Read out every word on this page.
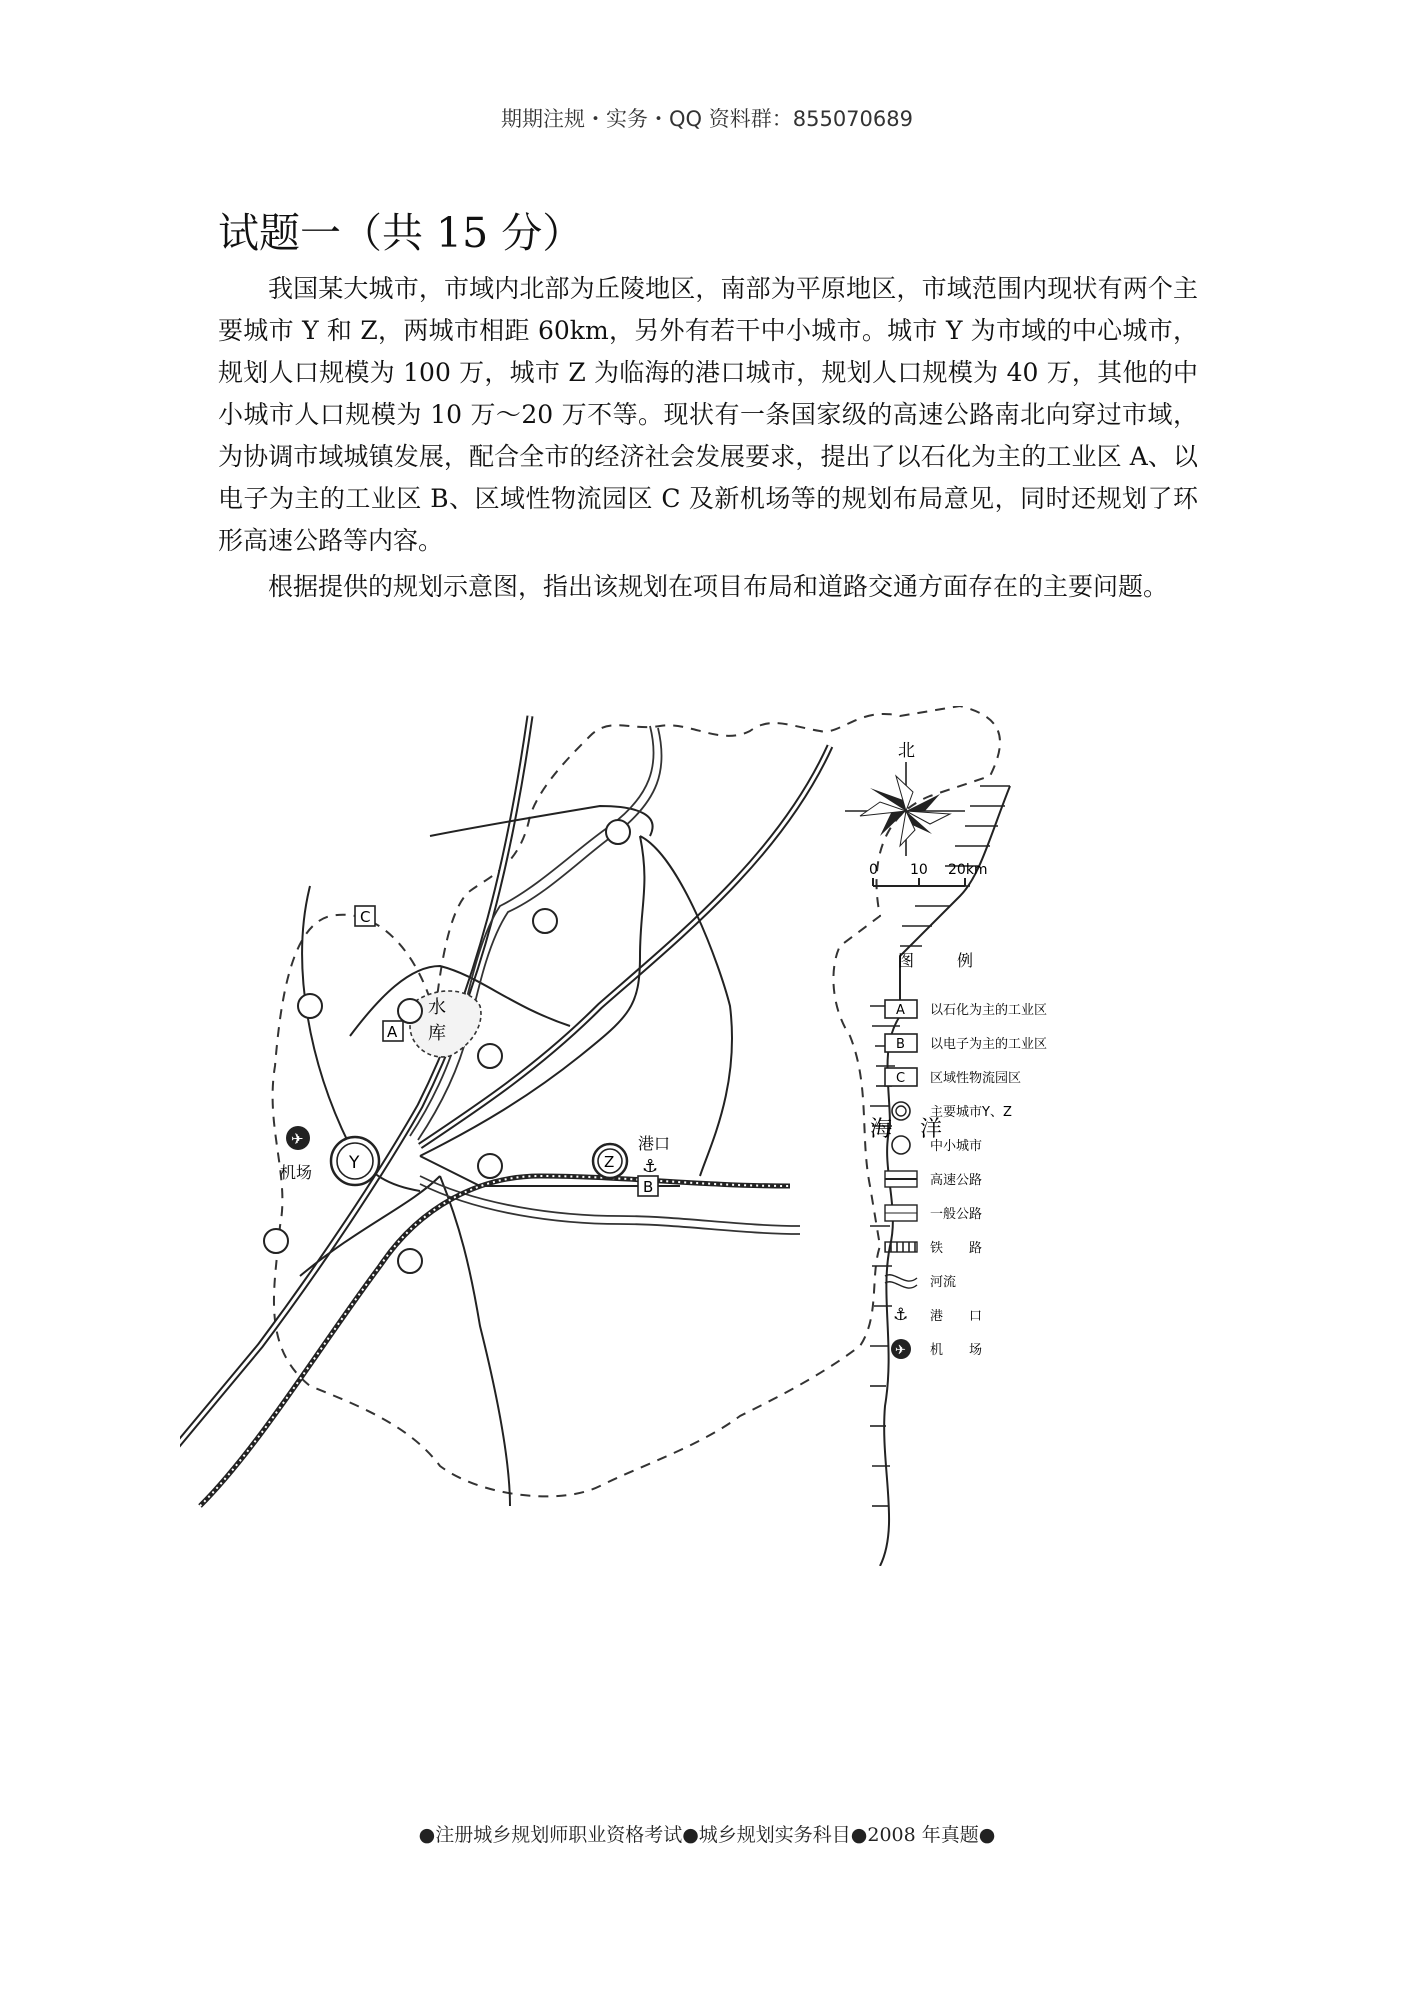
期期注规・实务・QQ 资料群：855070689
试题一（共 15 分）

我国某大城市，市域内北部为丘陵地区，南部为平原地区，市域范围内现状有两个主要城市 Y 和 Z，两城市相距 60km，另外有若干中小城市。城市 Y 为市域的中心城市，规划人口规模为 100 万，城市 Z 为临海的港口城市，规划人口规模为 40 万，其他的中小城市人口规模为 10 万～20 万不等。现状有一条国家级的高速公路南北向穿过市域，为协调市域城镇发展，配合全市的经济社会发展要求，提出了以石化为主的工业区 A、以电子为主的工业区 B、区域性物流园区 C 及新机场等的规划布局意见，同时还规划了环形高速公路等内容。

根据提供的规划示意图，指出该规划在项目布局和道路交通方面存在的主要问题。

海 洋
水
库
Y	Z
A
C
B
港口
⚓
✈
机场
北
0 10 20km
图	例
A 以石化为主的工业区
B 以电子为主的工业区
C 区域性物流园区
主要城市Y、Z
中小城市
高速公路
一般公路
铁　　路
河流
⚓ 港　　口
✈ 机　　场
●注册城乡规划师职业资格考试●城乡规划实务科目●2008 年真题●
